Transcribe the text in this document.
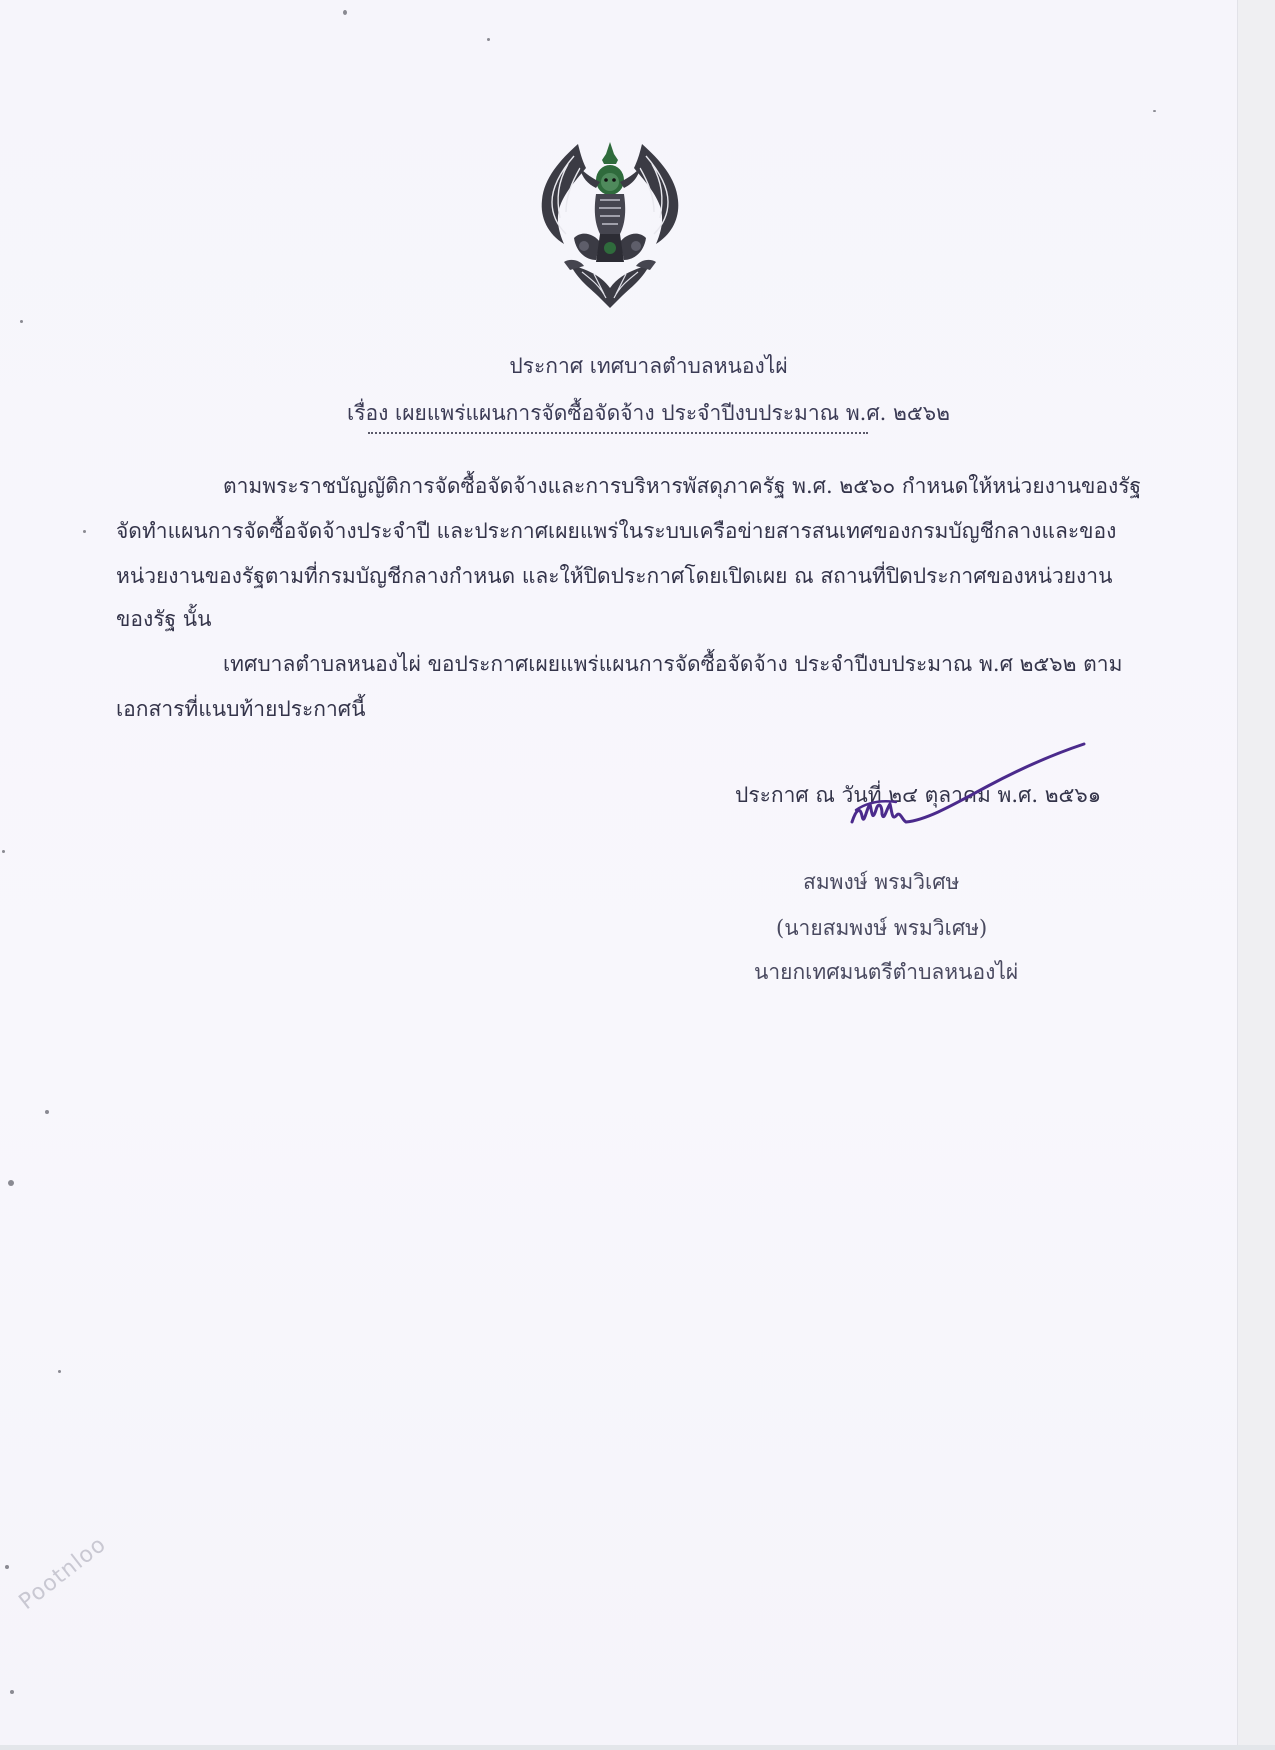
ประกาศ เทศบาลตำบลหนองไผ่
เรื่อง เผยแพร่แผนการจัดซื้อจัดจ้าง ประจำปีงบประมาณ พ.ศ. ๒๕๖๒
ตามพระราชบัญญัติการจัดซื้อจัดจ้างและการบริหารพัสดุภาครัฐ พ.ศ. ๒๕๖๐ กำหนดให้หน่วยงานของรัฐ
จัดทำแผนการจัดซื้อจัดจ้างประจำปี และประกาศเผยแพร่ในระบบเครือข่ายสารสนเทศของกรมบัญชีกลางและของ
หน่วยงานของรัฐตามที่กรมบัญชีกลางกำหนด และให้ปิดประกาศโดยเปิดเผย ณ สถานที่ปิดประกาศของหน่วยงาน
ของรัฐ นั้น
เทศบาลตำบลหนองไผ่ ขอประกาศเผยแพร่แผนการจัดซื้อจัดจ้าง ประจำปีงบประมาณ พ.ศ ๒๕๖๒ ตาม
เอกสารที่แนบท้ายประกาศนี้
ประกาศ ณ วันที่ ๒๔ ตุลาคม พ.ศ. ๒๕๖๑
สมพงษ์ พรมวิเศษ
(นายสมพงษ์ พรมวิเศษ)
นายกเทศมนตรีตำบลหนองไผ่
Pootnloo
